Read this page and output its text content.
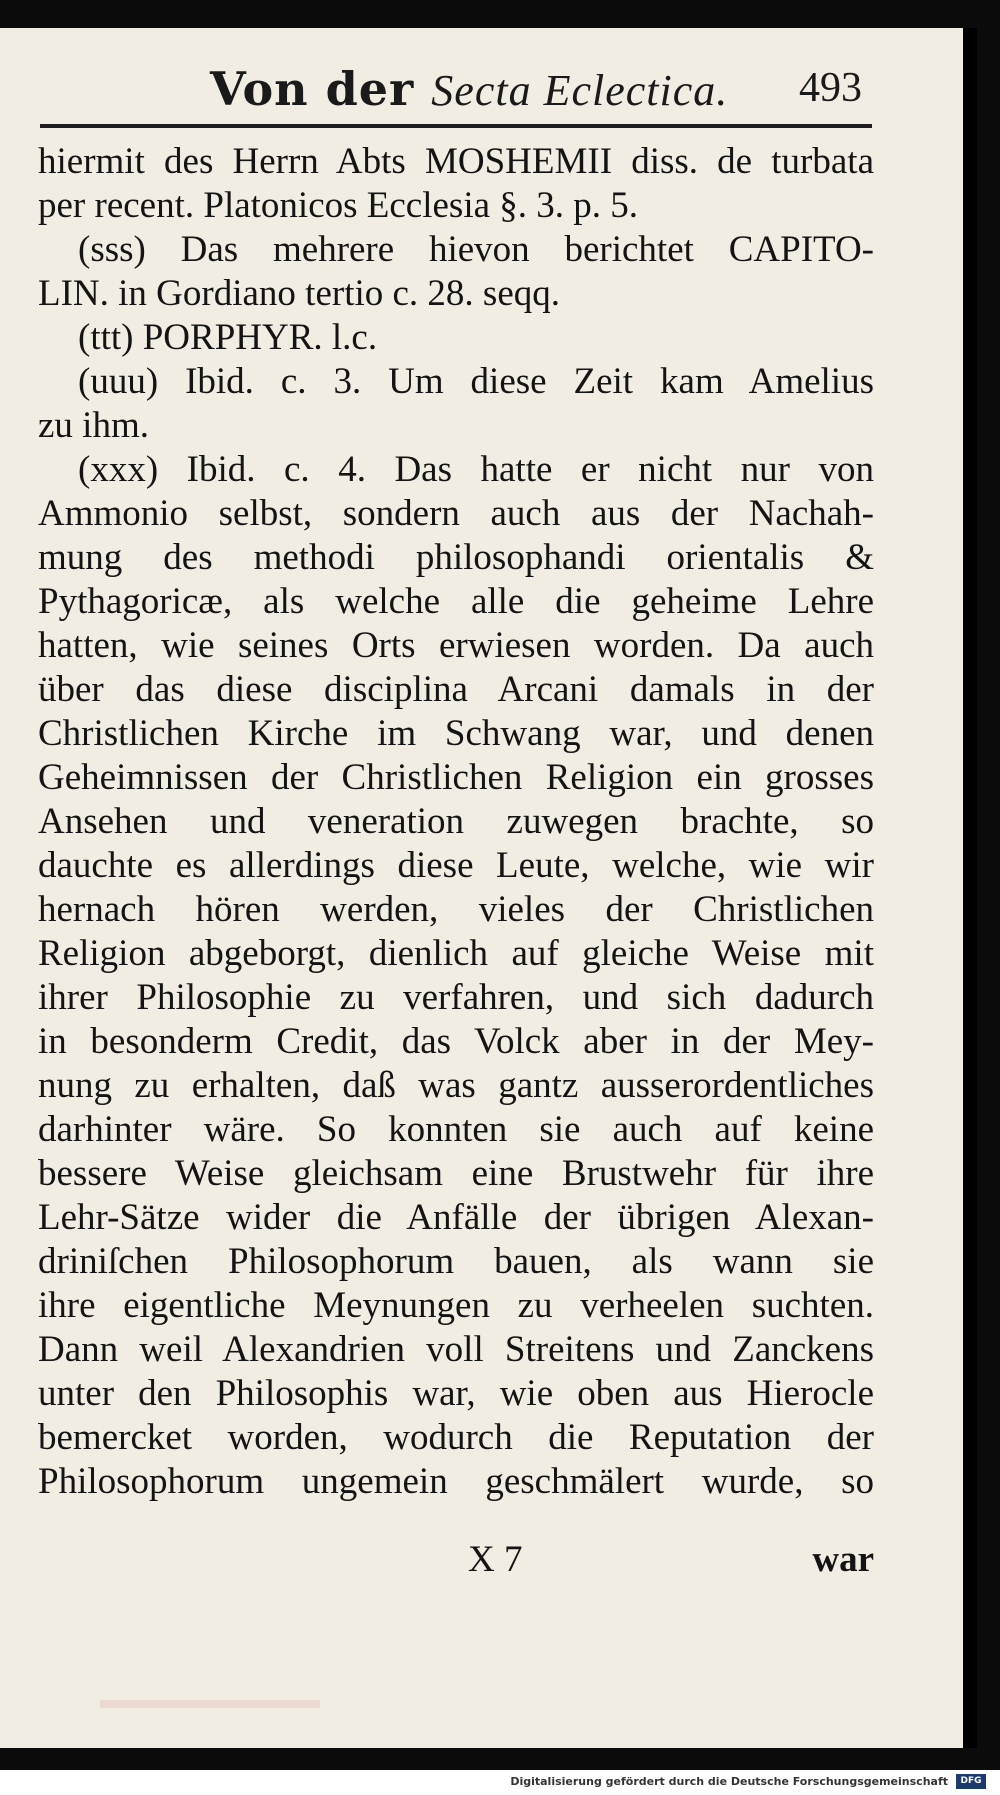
Von der Secta Eclectica. 493
hiermit des Herrn Abts MOSHEMII diss. de turbata
per recent. Platonicos Ecclesia §. 3. p. 5.
(sss) Das mehrere hievon berichtet CAPITO-
LIN. in Gordiano tertio c. 28. seqq.
(ttt) PORPHYR. l.c.
(uuu) Ibid. c. 3. Um diese Zeit kam Amelius
zu ihm.
(xxx) Ibid. c. 4. Das hatte er nicht nur von
Ammonio selbst, sondern auch aus der Nachah-
mung des methodi philosophandi orientalis &
Pythagoricæ, als welche alle die geheime Lehre
hatten, wie seines Orts erwiesen worden. Da auch
über das diese disciplina Arcani damals in der
Christlichen Kirche im Schwang war, und denen
Geheimnissen der Christlichen Religion ein grosses
Ansehen und veneration zuwegen brachte, so
dauchte es allerdings diese Leute, welche, wie wir
hernach hören werden, vieles der Christlichen
Religion abgeborgt, dienlich auf gleiche Weise mit
ihrer Philosophie zu verfahren, und sich dadurch
in besonderm Credit, das Volck aber in der Mey-
nung zu erhalten, daß was gantz ausserordentliches
darhinter wäre. So konnten sie auch auf keine
bessere Weise gleichsam eine Brustwehr für ihre
Lehr-Sätze wider die Anfälle der übrigen Alexan-
driniſchen Philosophorum bauen, als wann sie
ihre eigentliche Meynungen zu verheelen suchten.
Dann weil Alexandrien voll Streitens und Zanckens
unter den Philosophis war, wie oben aus Hierocle
bemercket worden, wodurch die Reputation der
Philosophorum ungemein geschmälert wurde, so
X 7	war
Digitalisierung gefördert durch die Deutsche Forschungsgemeinschaft	DFG
